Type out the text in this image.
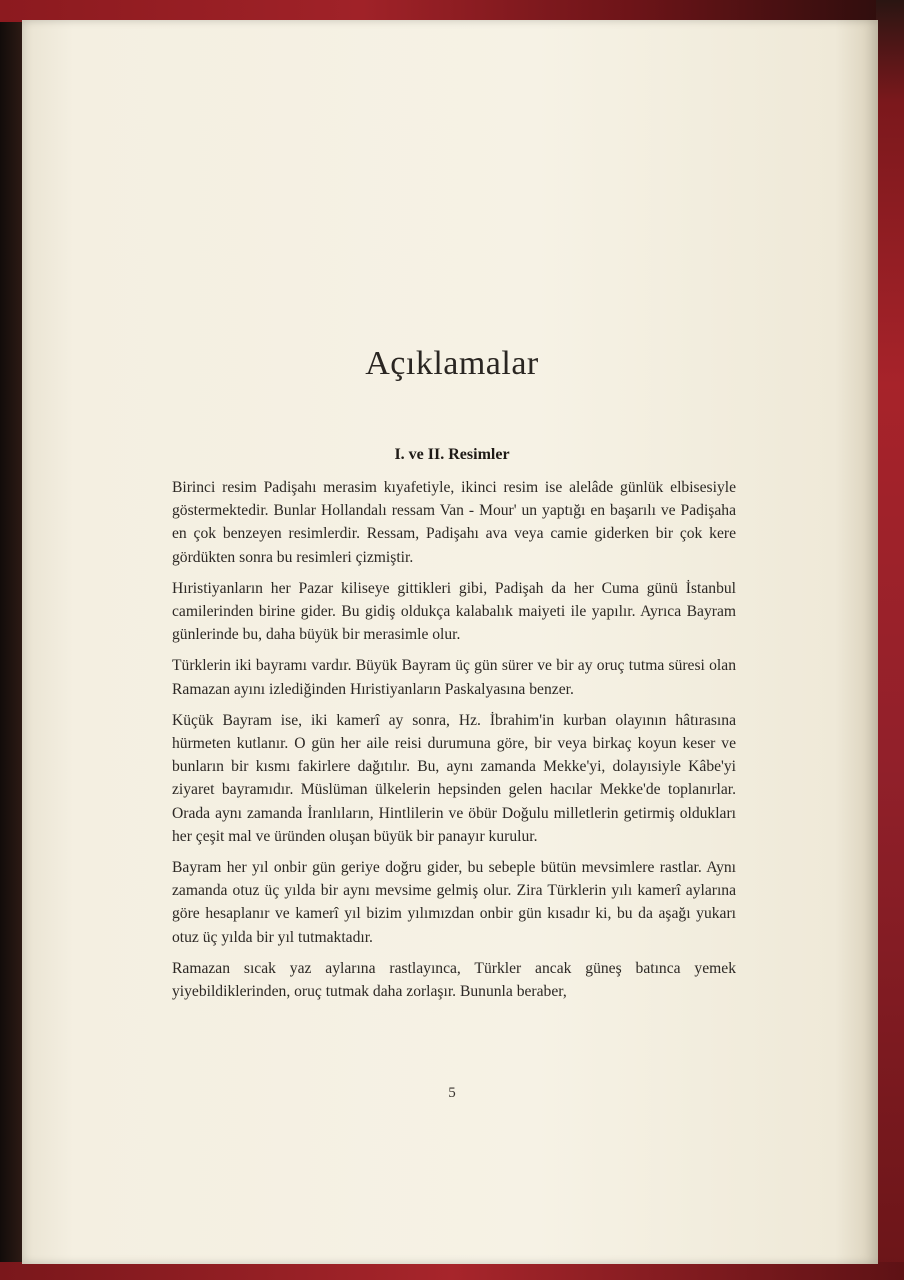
Açıklamalar
I. ve II. Resimler

Birinci resim Padişahı merasim kıyafetiyle, ikinci resim ise alelâde günlük elbisesiyle göstermektedir. Bunlar Hollandalı ressam Van - Mour' un yaptığı en başarılı ve Padişaha en çok benzeyen resimlerdir. Ressam, Padişahı ava veya camie giderken bir çok kere gördükten sonra bu resimleri çizmiştir.

Hıristiyanların her Pazar kiliseye gittikleri gibi, Padişah da her Cuma günü İstanbul camilerinden birine gider. Bu gidiş oldukça kalabalık maiyeti ile yapılır. Ayrıca Bayram günlerinde bu, daha büyük bir merasimle olur.

Türklerin iki bayramı vardır. Büyük Bayram üç gün sürer ve bir ay oruç tutma süresi olan Ramazan ayını izlediğinden Hıristiyanların Paskalyasına benzer.

Küçük Bayram ise, iki kamerî ay sonra, Hz. İbrahim'in kurban olayının hâtırasına hürmeten kutlanır. O gün her aile reisi durumuna göre, bir veya birkaç koyun keser ve bunların bir kısmı fakirlere dağıtılır. Bu, aynı zamanda Mekke'yi, dolayısiyle Kâbe'yi ziyaret bayramıdır. Müslüman ülkelerin hepsinden gelen hacılar Mekke'de toplanırlar. Orada aynı zamanda İranlıların, Hintlilerin ve öbür Doğulu milletlerin getirmiş oldukları her çeşit mal ve üründen oluşan büyük bir panayır kurulur.

Bayram her yıl onbir gün geriye doğru gider, bu sebeple bütün mevsimlere rastlar. Aynı zamanda otuz üç yılda bir aynı mevsime gelmiş olur. Zira Türklerin yılı kamerî aylarına göre hesaplanır ve kamerî yıl bizim yılımızdan onbir gün kısadır ki, bu da aşağı yukarı otuz üç yılda bir yıl tutmaktadır.

Ramazan sıcak yaz aylarına rastlayınca, Türkler ancak güneş batınca yemek yiyebildiklerinden, oruç tutmak daha zorlaşır. Bununla beraber,

5
